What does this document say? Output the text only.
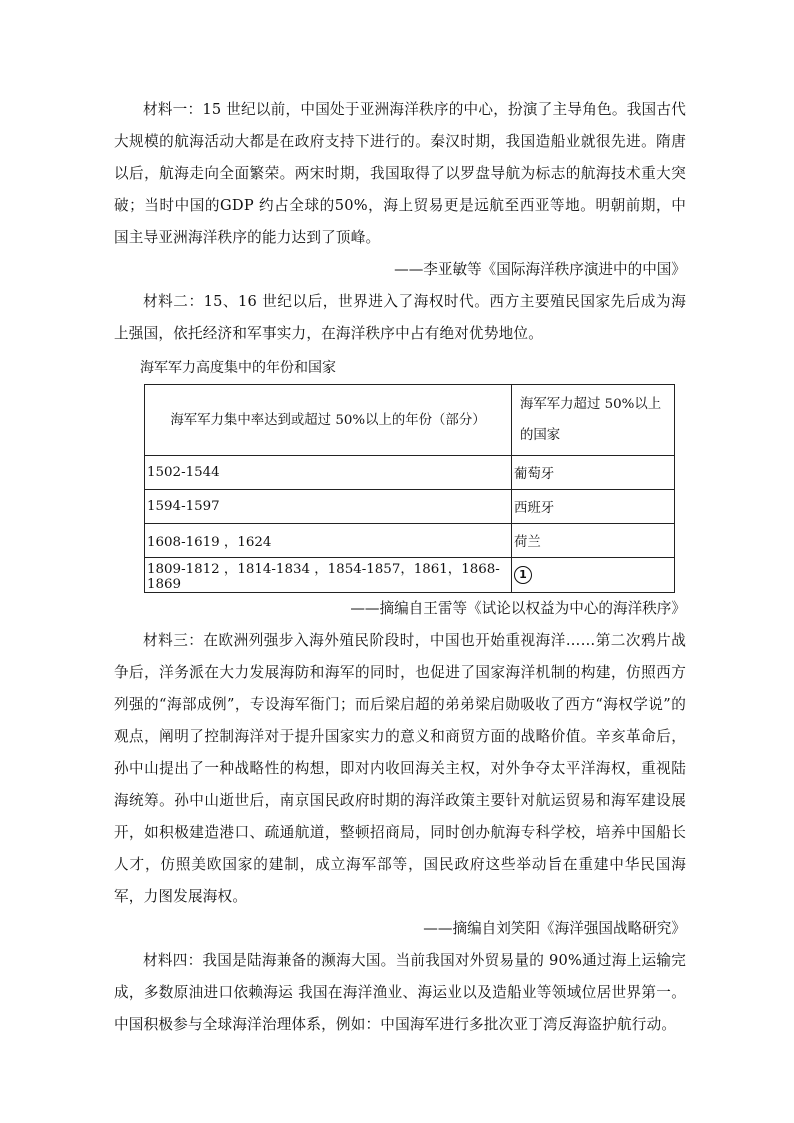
材料一：15 世纪以前，中国处于亚洲海洋秩序的中心，扮演了主导角色。我国古代大规模的航海活动大都是在政府支持下进行的。秦汉时期，我国造船业就很先进。隋唐以后，航海走向全面繁荣。两宋时期，我国取得了以罗盘导航为标志的航海技术重大突破；当时中国的GDP 约占全球的50%，海上贸易更是远航至西亚等地。明朝前期，中国主导亚洲海洋秩序的能力达到了顶峰。

——李亚敏等《国际海洋秩序演进中的中国》

材料二：15、16 世纪以后，世界进入了海权时代。西方主要殖民国家先后成为海上强国，依托经济和军事实力，在海洋秩序中占有绝对优势地位。

海军军力高度集中的年份和国家

海军军力集中率达到或超过 50%以上的年份（部分）	海军军力超过 50%以上的国家
1502-1544	葡萄牙
1594-1597	西班牙
1608-1619 ，1624	荷兰
1809-1812 ，1814-1834 ，1854-1857，1861，1868-1869	1

——摘编自王雷等《试论以权益为中心的海洋秩序》

材料三：在欧洲列强步入海外殖民阶段时，中国也开始重视海洋……第二次鸦片战争后，洋务派在大力发展海防和海军的同时，也促进了国家海洋机制的构建，仿照西方列强的“海部成例”，专设海军衙门；而后梁启超的弟弟梁启勋吸收了西方“海权学说”的观点，阐明了控制海洋对于提升国家实力的意义和商贸方面的战略价值。辛亥革命后，孙中山提出了一种战略性的构想，即对内收回海关主权，对外争夺太平洋海权，重视陆海统筹。孙中山逝世后，南京国民政府时期的海洋政策主要针对航运贸易和海军建设展开，如积极建造港口、疏通航道，整顿招商局，同时创办航海专科学校，培养中国船长人才，仿照美欧国家的建制，成立海军部等，国民政府这些举动旨在重建中华民国海军，力图发展海权。

——摘编自刘笑阳《海洋强国战略研究》

材料四：我国是陆海兼备的濒海大国。当前我国对外贸易量的 90%通过海上运输完成，多数原油进口依赖海运 我国在海洋渔业、海运业以及造船业等领域位居世界第一。中国积极参与全球海洋治理体系，例如：中国海军进行多批次亚丁湾反海盗护航行动。
